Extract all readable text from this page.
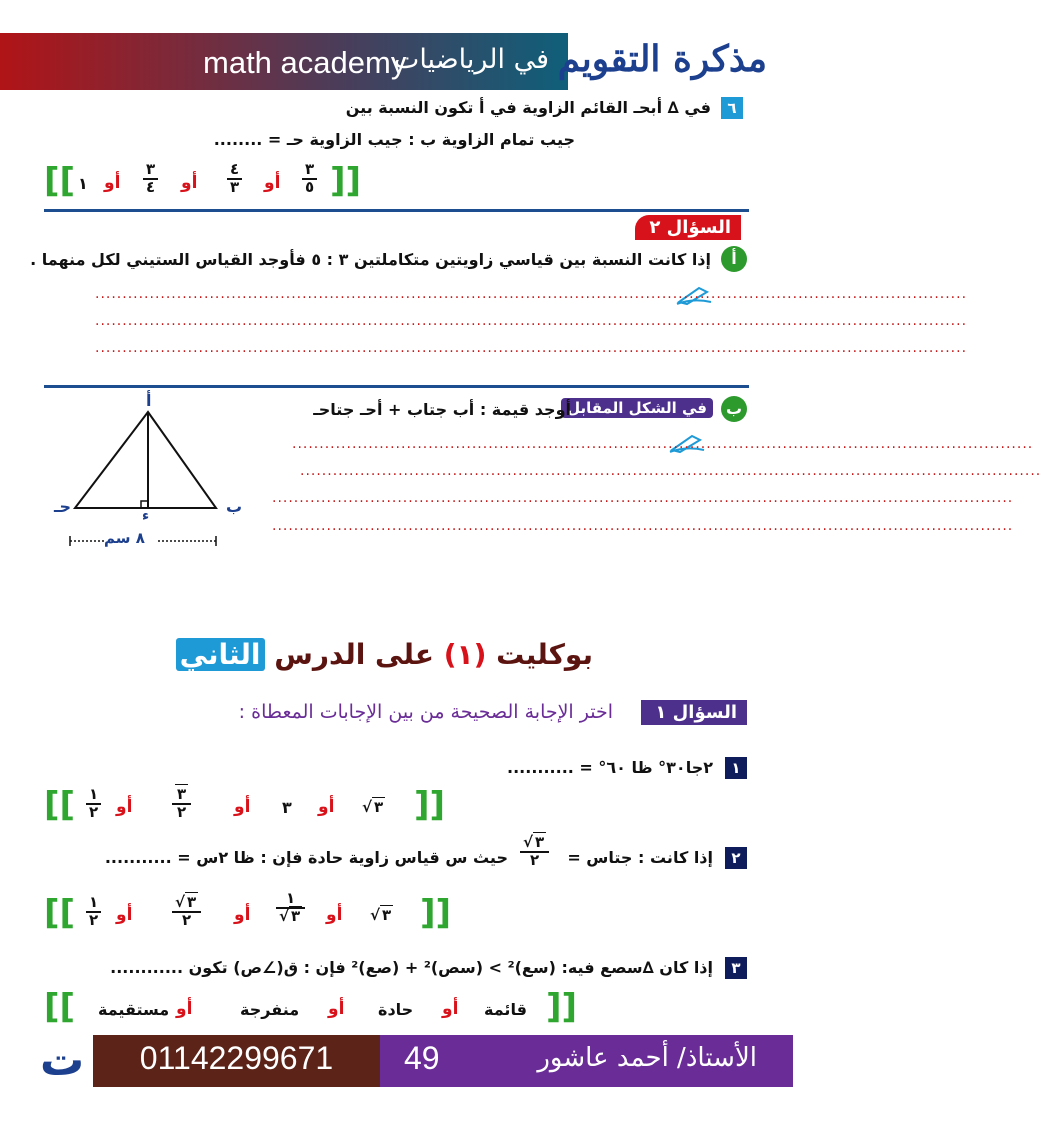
في الرياضيات
math academy	مذكرة التقويم
٦
في ∆ أبحـ القائم الزاوية في أ تكون النسبة بين
جيب تمام الزاوية ب : جيب الزاوية حـ = ........
[[ ١ أو
٣
٤ أو
٤
٣ أو
٣
٥ ]]
السؤال ٢
أ
إذا كانت النسبة بين قياسي زاويتين متكاملتين ٣ : ٥ فأوجد القياس الستيني لكل منهما .
................................................................................................................................................................
................................................................................................................................................................
................................................................................................................................................................
ب
في الشكل المقابل
أوجد قيمة : أب جتاب + أحـ جتاحـ
........................................................................................................................................
........................................................................................................................................
........................................................................................................................................
........................................................................................................................................
أ
ب
حـ	ء
٨ سم
بوكليت (١) على الدرس الثاني
السؤال ١
اختر الإجابة الصحيحة من بين الإجابات المعطاة :
١
٢جا٣٠° ظا ٦٠° = ...........
[[ ١
٢ أو
٣
٢	أو ٣ أو √ ٣ ]]
٢
إذا كانت : جتاس =
√ ٣
٢
حيث س قياس زاوية حادة فإن : ظا ٢س = ...........
[[ ١
٢ أو
√ ٣
٢	أو
١
√ ٣ أو √ ٣ ]]
٣
إذا كان ∆سصع فيه: (سع)² > (سص)² + (صع)² فإن : ق(∠ص) تكون ............
[[ مستقيمة أو	منفرجة أو حادة أو قائمة ]]
01142299671	49	الأستاذ/ أحمد عاشور
ت
